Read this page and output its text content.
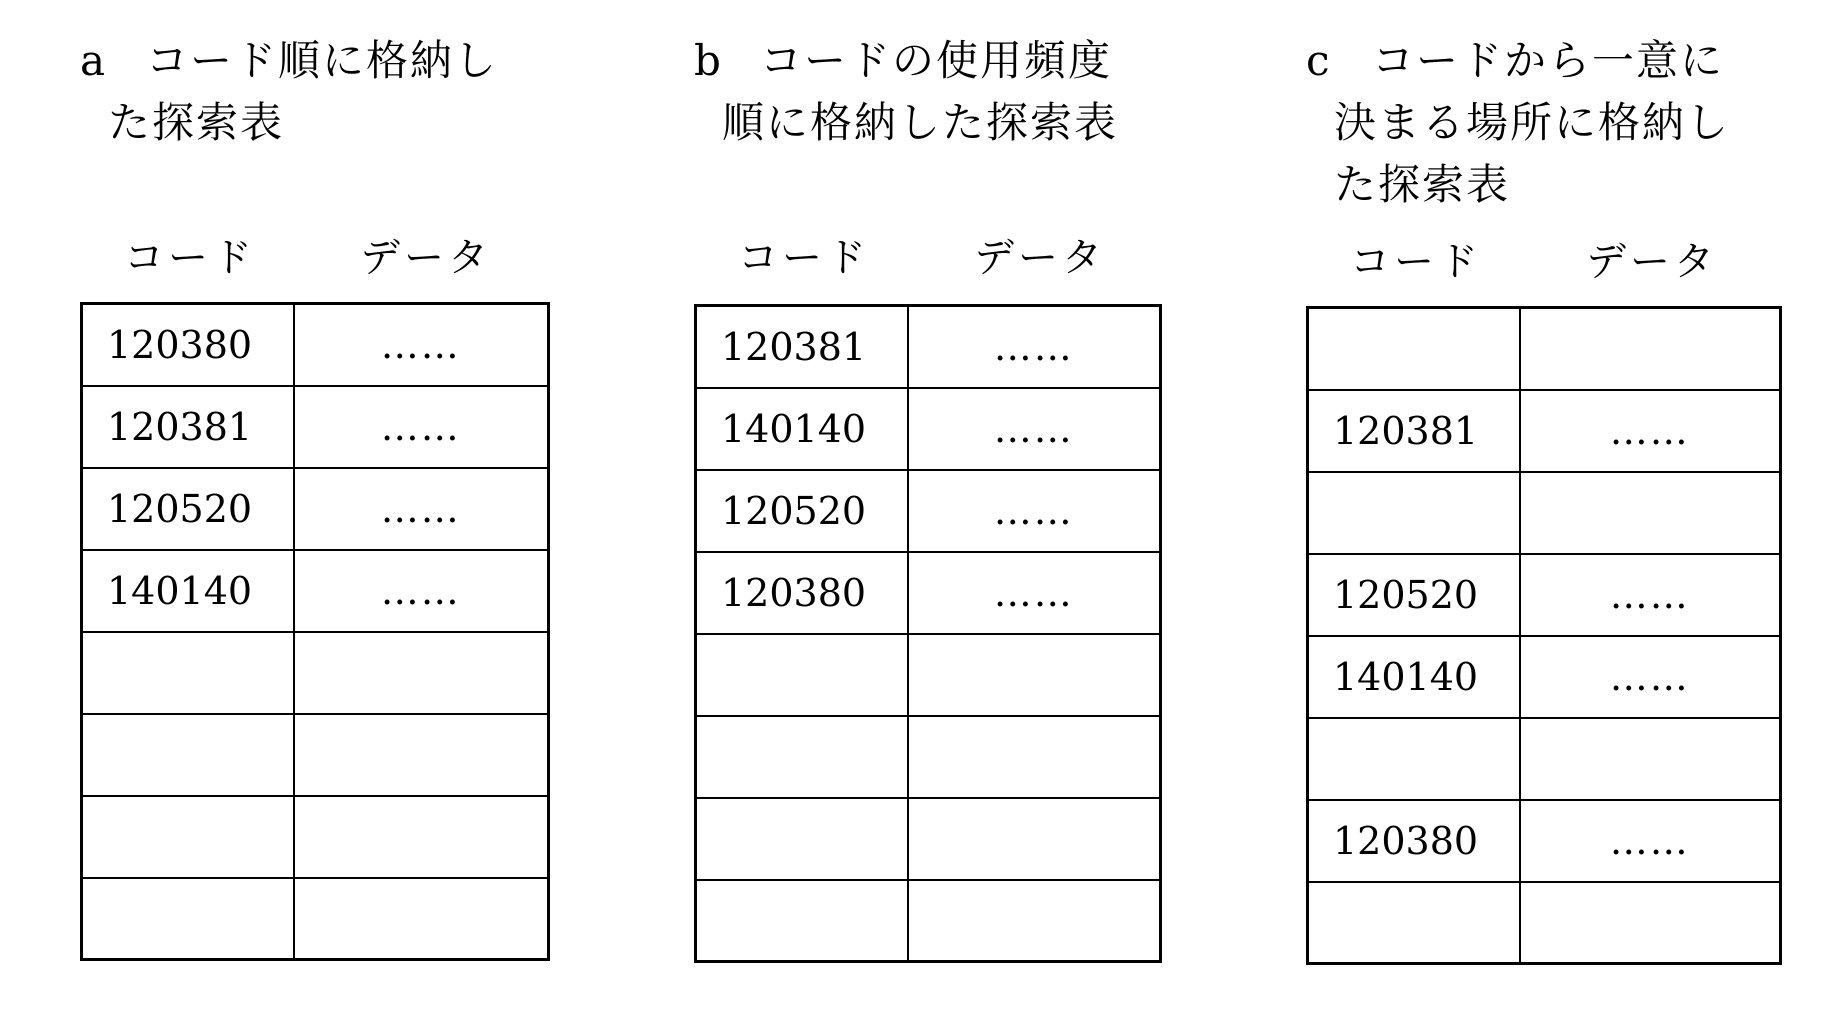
a コード順に格納し
た探索表
コード	データ
120380	……
120381	……
120520	……
140140	……

b コードの使用頻度
順に格納した探索表
コード	データ
120381	……
140140	……
120520	……
120380	……

c コードから一意に
決まる場所に格納し
た探索表
コード	データ

120381	……

120520	……
140140	……

120380	……
